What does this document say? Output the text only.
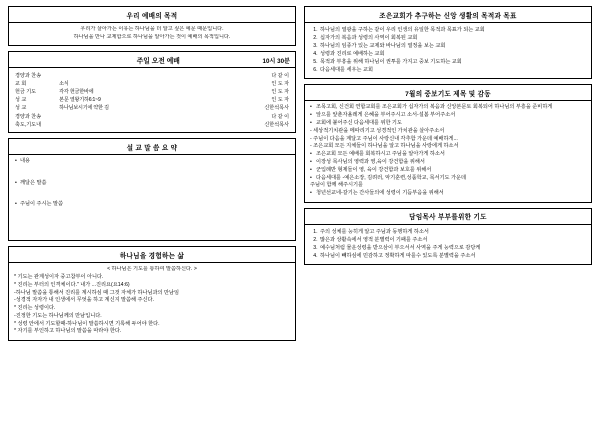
우리 예배의 목적
우리가 살아가는 이유는 하나님을 더 알고 싶은 예문 때문입니다.
하나님을 만나 교제함으로 하나님을 알아가는 것이 예배의 목적입니다.
주일 오전 예배	10시 30분
경양과 찬송		다 같 이
교 회	소식	인 도 자
헌금 기도	각각 헌금한바에	인 도 자
성 교	본문 열왕기하6:1~9	인 도 자
성 교	하나님보시기에 약한 김	신한석목사
경양과 찬송		다 같 이
축도,기도내		신한석목사
설 교 말 씀 요 약
• 내용
• 깨달은 말씀
• 주님이 주시는 말씀
하나님을 경험하는 삶
< 하나님은 기도를 통하여 말씀하신다. >
* 기도는 관계성이자 중고참부이 아니다.
* 진리는 부터의 인격체이다." 내가 ...진리요(요14:6)
-하나님 말씀을 통해서 진리를 계시하심 때 그것 자체가 하나님과의 만남임
-성경적 자자가 내 인생에서 무엇을 하고 계신지 말씀해 주신다.
* 진리는 성령이다.
-진정한 기도는 하나님께의 만남입니다.
* 성령 안에서 기도할때-하나님이 말씀하시면 기록해 두어야 한다.
* 자기를 부인하고 하나님의 말씀을 따라야 한다.
조은교회가 추구하는 신앙 생활의 목적과 목표
1. 하나님의 열광을 구하는 같이 우리 인생의 유일한 목적과 목표가 되는 교회
2. 십자가의 복음과 성령의 사역이 회복된 교회
3. 하나님의 임종가 있는 교제와 바나님의 열정을 보는 교회
4. 성령과 진리로 예배하는 교회
5. 목적과 부흥을 위해 하나님이 권투를 가지고 중보 기도하는 교회
6. 다음세대를 세우는 교회
7월의 중보기도 제목 및 감동
• 조목고회, 신건회 연합교회를 조은교회가 십자가의 복음과 신앙본문토 회복되어 하나님의 부흥을 준비하게
• 앞으를 앞춘자올레게 은혜을 부어주시고 소서-설봄 부어주소서
• 교회에 붙어주신 다음세대를 위한 기도
- 세상적기치관을 메따리기고 성경적인 가치관을 살아주소서
- 주님이 다음을 계달고 주님이 사랑신내 각추함 가운데 예배하게...
- 조은교회 모든 지체들이 하나님을 알고 하나님을 사랑에게 하소서
• 조은교회 모든 예배를 회복하시고 주님을 알아가게 하소서
• 이장성 목사님의 영력과 영,육이 강건함을 위해서
• 군입례반 형제들이 영, 육이 강건함과 보호를 위해서
• 다음세대를 -예은소장, 김려러, 악기훈련,성품학교, 목서기도 가운데
주님이 함께 해주시기를
• 청년선교네-갈기는 간사들의에 성령이 기듬부음을 위해서
담임목사 부부를위한 기도
1. 주의 성체를 능히게 알고 주님과 동행하게 하소서
2. 많은과 상활속에서 영적 분별력이 기패를 주소서
3. 예수님처럼 물운성령을 받으삼이 부으서서 사역을 주게 능력으로 감당케
4. 하나님이 빼하심에 민감하고 정확하게 따를수 있도록 분별력을 주소서
